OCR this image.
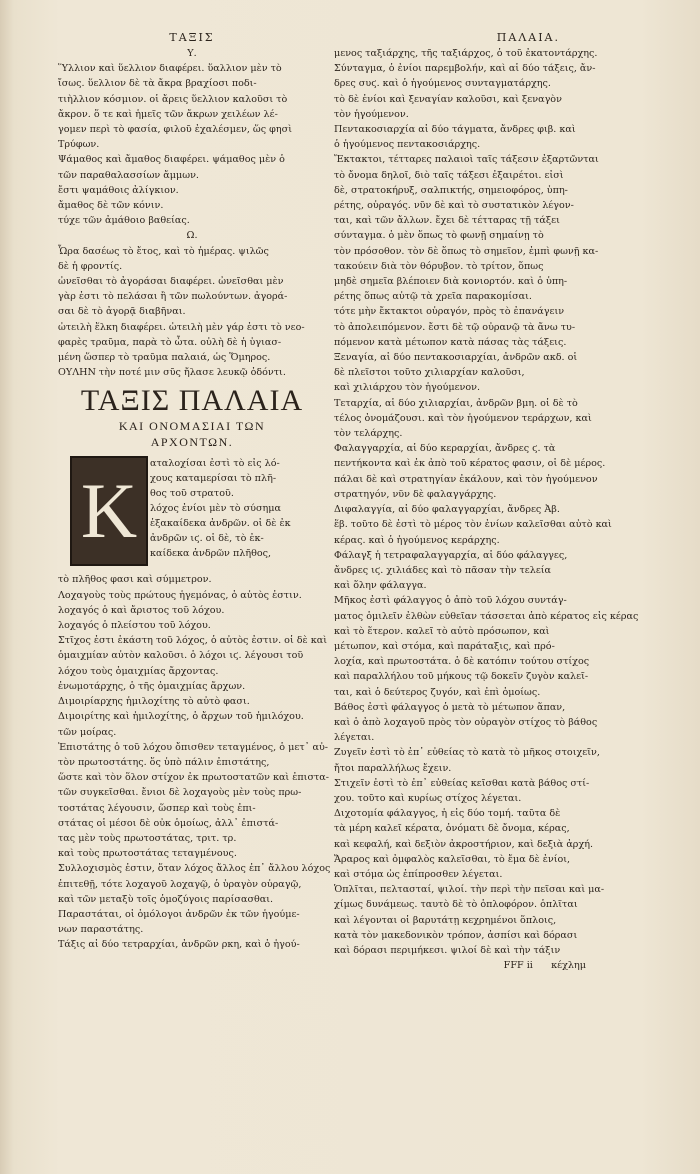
ΤΑΞΙΣ
Υ.
Ὕλλιον καὶ ὕελλιον διαφέρει. ὕαλλιον μὲν τὸ
ἴσως. ὕελλιον δὲ τὰ ἄκρα βραχίοσι ποδι-
τιὴλλιον κόσμιον. οἱ ἄρεις ὕελλιον καλοῦσι τὸ
ἄκρον. ὅ τε καὶ ἡμεῖς τῶν ἄκρων χειλέων λέ-
γομεν περὶ τὸ φασία, φιλοῦ ἐχαλέσμεν, ὥς φησὶ
Τρύφων.
Ψάμαθος καὶ ἄμαθος διαφέρει. ψάμαθος μὲν ὁ
τῶν παραθαλασσίων ἄμμων.
ἔστι ψαμάθοις ἀλίγκιον.
ἄμαθος δὲ τῶν κόνιν.
τύχε τῶν ἀμάθοιο βαθείας.
Ω.
Ὧρα δασέως τὸ ἔτος, καὶ τὸ ἡμέρας. ψιλῶς
δὲ ἡ φροντίς.
ὠνεῖσθαι τὸ ἀγοράσαι διαφέρει. ὠνεῖσθαι μὲν
γὰρ ἐστι τὸ πελάσαι ἢ τῶν πωλούντων. ἀγορά-
σαι δὲ τὸ ἀγορᾷ διαβῆναι.
ὠτειλὴ ἕλκη διαφέρει. ὠτειλὴ μὲν γάρ ἐστι τὸ νεο-
φαρὲς τραῦμα, παρὰ τὸ ὦτα. οὐλὴ δὲ ἡ ὑγιασ-
μένη ὥσπερ τὸ τραῦμα παλαιά, ὡς Ὅμηρος.
ΟΥΛΗΝ τὴν ποτέ μιν σῦς ἤλασε λευκῷ ὀδόντι.
ΤΑΞΙΣ ΠΑΛΑΙΑ
ΚΑΙ ΟΝΟΜΑΣΙΑΙ ΤΩΝ
ΑΡΧΟΝΤΩΝ.
K
αταλοχίσαι ἐστὶ τὸ εἰς λό-
χους καταμερίσαι τὸ πλῆ-
θος τοῦ στρατοῦ.
λόχος ἐνίοι μὲν τὸ σύσημα
ἑξακαίδεκα ἀνδρῶν. οἱ δὲ ἐκ
ἀνδρῶν ιϛ. οἱ δὲ, τὸ ἐκ-
καίδεκα ἀνδρῶν πλῆθος,
τὸ πλῆθος φασι καὶ σύμμετρον.
Λοχαγοὺς τοὺς πρώτους ἡγεμόνας, ὁ αὐτὸς ἐστιν.
λοχαγός ὁ καὶ ἄριστος τοῦ λόχου.
λοχαγός ὁ πλείστου τοῦ λόχου.
Στῖχος ἐστι ἑκάστη τοῦ λόχος, ὁ αὐτὸς ἐστιν. οἱ δὲ καὶ
ὁμαιχμίαν αὐτὸν καλοῦσι. ὁ λόχοι ιϛ. λέγουσι τοῦ
λόχου τοὺς ὁμαιχμίας ἄρχοντας.
ἐνωμοτάρχης, ὁ τῆς ὁμαιχμίας ἄρχων.
Διμοιρίαρχης ἡμιλοχίτης τὸ αὐτὸ φασι.
Διμοιρίτης καὶ ἡμιλοχίτης, ὁ ἄρχων τοῦ ἡμιλόχου.
τῶν μοίρας.
Ἐπιστάτης ὁ τοῦ λόχου ὄπισθεν τεταγμένος, ὁ μετ᾽ αὐ-
τὸν πρωτοστάτης. ὅς ὑπὸ πάλιν ἐπιστάτης,
ὥστε καὶ τὸν ὅλον στίχον ἐκ πρωτοστατῶν καὶ ἐπιστα-
τῶν συγκεῖσθαι. ἔνιοι δὲ λοχαγοὺς μὲν τοὺς πρω-
τοστάτας λέγουσιν, ὥσπερ καὶ τοὺς ἐπι-
στάτας οἱ μέσοι δὲ οὐκ ὁμοίως, ἀλλ᾽ ἐπιστά-
τας μὲν τοὺς πρωτοστάτας, τριτ. τρ.
καὶ τοὺς πρωτοστάτας τεταγμένους.
Συλλοχισμὸς ἐστιν, ὅταν λόχος ἄλλος ἐπ᾽ ἄλλου λόχος
ἐπιτεθῇ, τότε λοχαγοῦ λοχαγῷ, ὁ ὑραγὸν οὐραγῷ,
καὶ τῶν μεταξὺ τοῖς ὁμοζύγοις παρίσασθαι.
Παραστάται, οἱ ὁμόλογοι ἀνδρῶν ἐκ τῶν ἡγούμε-
νων παραστάτης.
Τάξις αἱ δύο τετραρχίαι, ἀνδρῶν ρκη, καὶ ὁ ἡγού-
ΠΑΛΑΙΑ.
μενος ταξιάρχης, τῆς ταξιάρχος, ὁ τοῦ ἐκατοντάρχης.
Σύνταγμα, ὁ ἐνίοι παρεμβολήν, καὶ αἱ δύο τάξεις, ἄν-
δρες συϛ. καὶ ὁ ἡγούμενος συνταγματάρχης.
τὸ δὲ ἐνίοι καὶ ξεναγίαν καλοῦσι, καὶ ξεναγὸν
τὸν ἡγούμενον.
Πεντακοσιαρχία αἱ δύο τάγματα, ἄνδρες φιβ. καὶ
ὁ ἡγούμενος πεντακοσιάρχης.
Ἔκτακτοι, τέτταρες παλαιοὶ ταῖς τάξεσιν ἐξαρτῶνται
τὸ ὄνομα δηλοῖ, διὸ ταῖς τάξεσι ἐξαιρέτοι. εἰσὶ
δὲ, στρατοκήρυξ, σαλπικτής, σημειοφόρος, ὑπη-
ρέτης, οὐραγός. νῦν δὲ καὶ τὸ συστατικὸν λέγον-
ται, καὶ τῶν ἄλλων. ἔχει δὲ τέτταρας τῇ τάξει
σύνταγμα. ὁ μὲν ὅπως τὸ φωνῇ σημαίνῃ τὸ
τὸν πρόσοθον. τὸν δὲ ὅπως τὸ σημεῖον, ἐμπὶ φωνῇ κα-
τακούειν διὰ τὸν θόρυβον. τὸ τρίτον, ὅπως
μηδὲ σημεῖα βλέποιεν διὰ κονιορτόν. καὶ ὁ ὑπη-
ρέτης ὅπως αὐτῷ τὰ χρεῖα παρακομίσαι.
τότε μὴν ἔκτακτοι οὐραγόν, πρὸς τὸ ἐπανάγειν
τὸ ἀπολειπόμενον. ἔστι δὲ τῷ οὐρανῷ τὰ ἄνω τυ-
πόμενον κατὰ μέτωπον κατὰ πάσας τὰς τάξεις.
Ξεναγία, αἱ δύο πεντακοσιαρχίαι, ἀνδρῶν ακδ. οἱ
δὲ πλεῖστοι τοῦτο χιλιαρχίαν καλοῦσι,
καὶ χιλιάρχου τὸν ἡγούμενον.
Τεταρχία, αἱ δύο χιλιαρχίαι, ἀνδρῶν βμη. οἱ δὲ τὸ
τέλος ὀνομάζουσι. καὶ τὸν ἡγούμενον τεράρχων, καὶ
τὸν τελάρχης.
Φαλαγγαρχία, αἱ δύο κεραρχίαι, ἄνδρες ϛ. τὰ
πεντήκοντα καὶ ἐκ ἀπὸ τοῦ κέρατος φασιν, οἱ δὲ μέρος.
πάλαι δὲ καὶ στρατηγίαν ἐκάλουν, καὶ τὸν ἡγούμενον
στρατηγόν, νῦν δὲ φαλαγγάρχης.
Διφαλαγγία, αἱ δύο φαλαγγαρχίαι, ἄνδρες Ἀβ.
ἕβ. τοῦτο δὲ ἐστὶ τὸ μέρος τὸν ἐνίων καλεῖσθαι αὐτὸ καὶ
κέρας. καὶ ὁ ἡγούμενος κεράρχης.
Φάλαγξ ἡ τετραφαλαγγαρχία, αἱ δύο φάλαγγες,
ἄνδρες ιϛ. χιλιάδες καὶ τὸ πᾶσαν τὴν τελεία
καὶ ὅλην φάλαγγα.
Μῆκος ἐστὶ φάλαγγος ὁ ἀπὸ τοῦ λόχου συντάγ-
ματος ὁμιλεῖν ἐλθὼν εὐθεῖαν τάσσεται ἀπὸ κέρατος εἰς κέρας
καὶ τὸ ἕτερον. καλεῖ τὸ αὐτὸ πρόσωπον, καὶ
μέτωπον, καὶ στόμα, καὶ παράταξις, καὶ πρό-
λοχία, καὶ πρωτοστάτα. ὁ δὲ κατόπιν τούτου στίχος
καὶ παραλλήλου τοῦ μήκους τῷ δοκεῖν ζυγὸν καλεῖ-
ται, καὶ ὁ δεύτερος ζυγόν, καὶ ἐπὶ ὁμοίως.
Βάθος ἐστὶ φάλαγγος ὁ μετὰ τὸ μέτωπον ἅπαν,
καὶ ὁ ἀπὸ λοχαγοῦ πρὸς τὸν οὐραγὸν στίχος τὸ βάθος
λέγεται.
Ζυγεῖν ἐστὶ τὸ ἐπ᾽ εὐθείας τὸ κατὰ τὸ μῆκος στοιχεῖν,
ἤτοι παραλλήλως ἔχειν.
Στιχεῖν ἐστὶ τὸ ἐπ᾽ εὐθείας κεῖσθαι κατὰ βάθος στί-
χου. τοῦτο καὶ κυρίως στίχος λέγεται.
Διχοτομία φάλαγγος, ἡ εἰς δύο τομή. ταῦτα δὲ
τὰ μέρη καλεῖ κέρατα, ὀνόματι δὲ ὄνομα, κέρας,
καὶ κεφαλή, καὶ δεξιὸν ἀκροστήριον, καὶ δεξιὰ ἀρχή.
Ἄραρος καὶ ὀμφαλὸς καλεῖσθαι, τὸ ἔμα δὲ ἐνίοι,
καὶ στόμα ὡς ἐπίπροσθεν λέγεται.
Ὁπλῖται, πελτασταί, ψιλοί. τὴν περὶ τὴν πεῖσαι καὶ μα-
χίμως δυνάμεως. ταυτὸ δὲ τὸ ὁπλοφόρον. ὁπλῖται
καὶ λέγονται οἱ βαρυτάτῃ κεχρημένοι ὅπλοις,
κατὰ τὸν μακεδονικὸν τρόπον, ἀσπίσι καὶ δόρασι
καὶ δόρασι περιμήκεσι. ψιλοί δὲ καὶ τὴν τάξιν
FFF ii κέχλημ
